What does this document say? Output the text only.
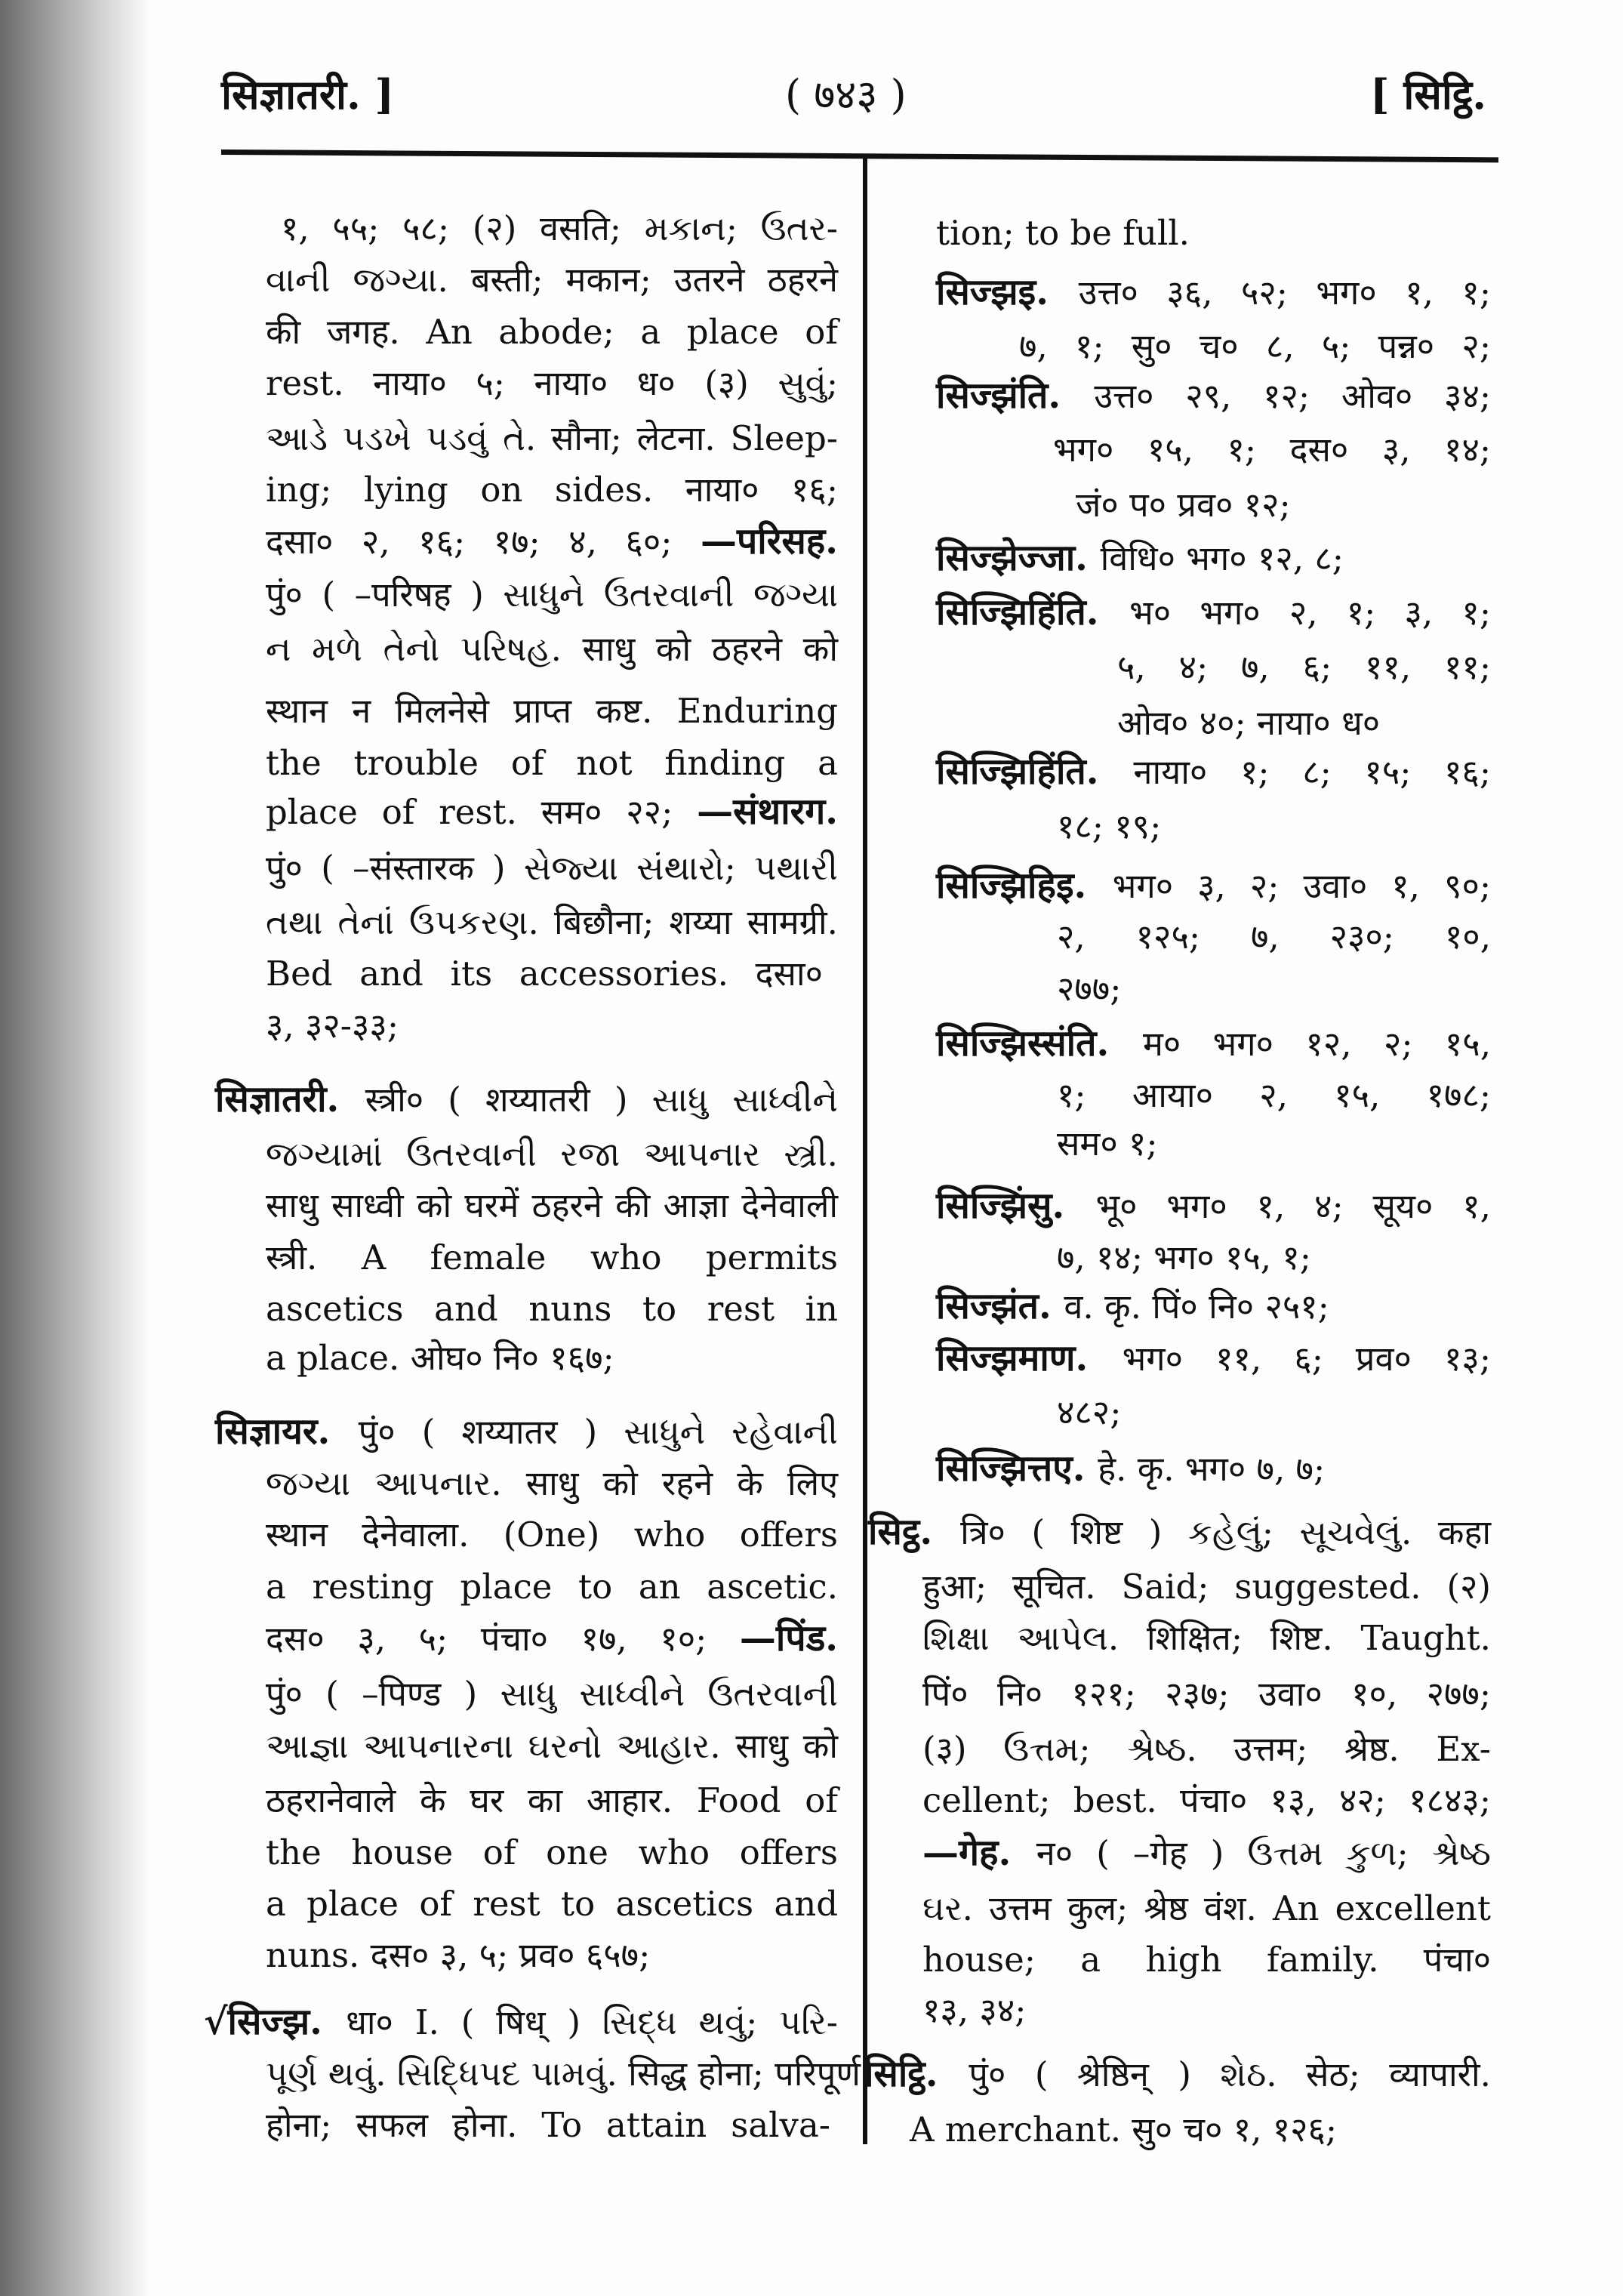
सिज्ञातरी. ]	( ७४३ )	[ सिट्ठि.
१, ५५; ५८; (२) वसति; મકાન; ઉતર-
વાની જગ્યા. बस्ती; मकान; उतरने ठहरने
की जगह. An abode; a place of
rest. नाया० ५; नाया० ध० (३) સુવું;
આડે પડખે પડવું તે. सौना; लेटना. Sleep-
ing; lying on sides. नाया० १६;
दसा० २, १६; १७; ४, ६०; —परिसह.
पुं० ( –परिषह ) સાધુને ઉતરવાની જગ્યા
ન મળે તેનો પરિષહ. साधु को ठहरने को
स्थान न मिलनेसे प्राप्त कष्ट. Enduring
the trouble of not finding a
place of rest. सम० २२; —संथारग.
पुं० ( –संस्तारक ) સેજ્યા સંથારો; પથારી
તથા તેનાં ઉપકરણ. बिछौना; शय्या सामग्री.
Bed and its accessories. दसा०
३, ३२-३३;
सिज्ञातरी. स्त्री० ( शय्यातरी ) સાધુ સાધ્વીને
જગ્યામાં ઉતરવાની રજા આપનાર સ્ત્રી.
साधु साध्वी को घरमें ठहरने की आज्ञा देनेवाली
स्त्री. A female who permits
ascetics and nuns to rest in
a place. ओघ० नि० १६७;
सिज्ञायर. पुं० ( शय्यातर ) સાધુને રહેવાની
જગ્યા આપનાર. साधु को रहने के लिए
स्थान देनेवाला. (One) who offers
a resting place to an ascetic.
दस० ३, ५; पंचा० १७, १०; —पिंड.
पुं० ( –पिण्ड ) સાધુ સાધ્વીને ઉતરવાની
આજ્ઞા આપનારના ઘરનો આહાર. साधु को
ठहरानेवाले के घर का आहार. Food of
the house of one who offers
a place of rest to ascetics and
nuns. दस० ३, ५; प्रव० ६५७;
√सिज्झ. धा० I. ( षिध् ) સિદ્ધ થવું; પરિ-
પૂર્ણ થવું. સિદ્ધિપદ પામવું. सिद्ध होना; परिपूर्ण
होना; सफल होना. To attain salva-
tion; to be full.
सिज्झइ. उत्त० ३६, ५२; भग० १, १;
७, १; सु० च० ८, ५; पन्न० २;
सिज्झंति. उत्त० २९, १२; ओव० ३४;
भग० १५, १; दस० ३, १४;
जं० प० प्रव० १२;
सिज्झेज्जा. विधि० भग० १२, ८;
सिज्झिहिंति. भ० भग० २, १; ३, १;
५, ४; ७, ६; ११, ११;
ओव० ४०; नाया० ध०
सिज्झिहिंति. नाया० १; ८; १५; १६;
१८; १९;
सिज्झिहिइ. भग० ३, २; उवा० १, ९०;
२, १२५; ७, २३०; १०,
२७७;
सिज्झिस्संति. म० भग० १२, २; १५,
१; आया० २, १५, १७८;
सम० १;
सिज्झिंसु. भू० भग० १, ४; सूय० १,
७, १४; भग० १५, १;
सिज्झंत. व. कृ. पिं० नि० २५१;
सिज्झमाण. भग० ११, ६; प्रव० १३;
४८२;
सिज्झित्तए. हे. कृ. भग० ७, ७;
सिट्ठ. त्रि० ( शिष्ट ) કહેલું; સૂચવેલું. कहा
हुआ; सूचित. Said; suggested. (२)
શિક્ષા આપેલ. शिक्षित; शिष्ट. Taught.
पिं० नि० १२१; २३७; उवा० १०, २७७;
(३) ઉત્તમ; શ્રેષ્ઠ. उत्तम; श्रेष्ठ. Ex-
cellent; best. पंचा० १३, ४२; १८४३;
—गेह. न० ( –गेह ) ઉત્તમ કુળ; શ્રેષ્ઠ
ઘર. उत्तम कुल; श्रेष्ठ वंश. An excellent
house; a high family. पंचा०
१३, ३४;
सिट्ठि. पुं० ( श्रेष्ठिन् ) શેઠ. सेठ; व्यापारी.
A merchant. सु० च० १, १२६;
